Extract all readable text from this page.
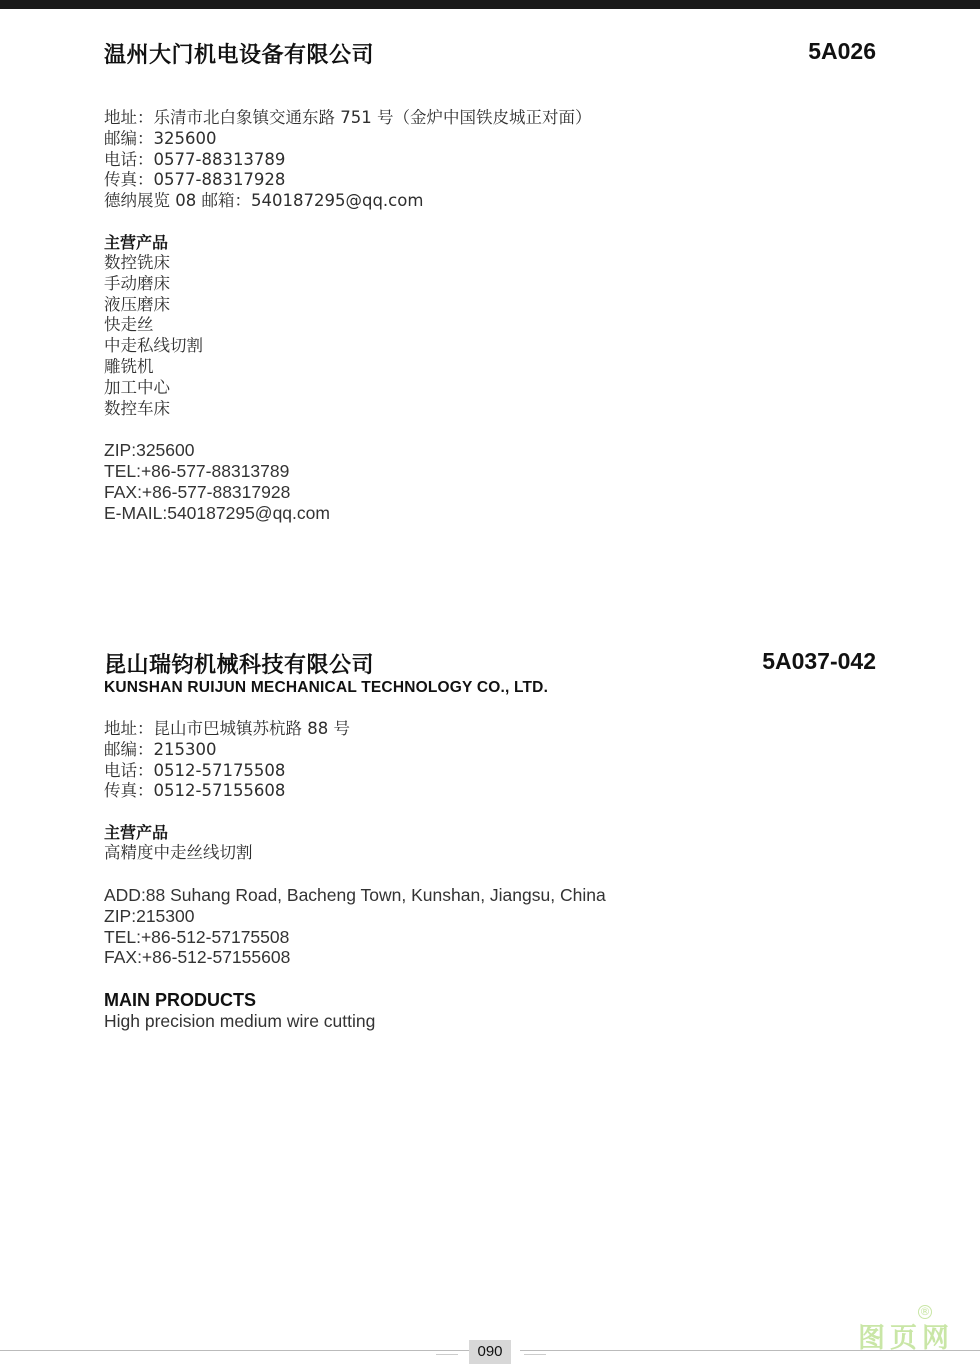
温州大门机电设备有限公司	5A026
地址：乐清市北白象镇交通东路 751 号（金炉中国铁皮城正对面）
邮编：325600
电话：0577-88313789
传真：0577-88317928
德纳展览 08 邮箱：540187295@qq.com
主营产品
数控铣床
手动磨床
液压磨床
快走丝
中走私线切割
雕铣机
加工中心
数控车床
ZIP:325600
TEL:+86-577-88313789
FAX:+86-577-88317928
E-MAIL:540187295@qq.com
昆山瑞钧机械科技有限公司	5A037-042
KUNSHAN RUIJUN MECHANICAL TECHNOLOGY CO., LTD.
地址：昆山市巴城镇苏杭路 88 号
邮编：215300
电话：0512-57175508
传真：0512-57155608
主营产品
高精度中走丝线切割
ADD:88 Suhang Road, Bacheng Town, Kunshan, Jiangsu, China
ZIP:215300
TEL:+86-512-57175508
FAX:+86-512-57155608
MAIN PRODUCTS
High precision medium wire cutting
090	图页网
®
